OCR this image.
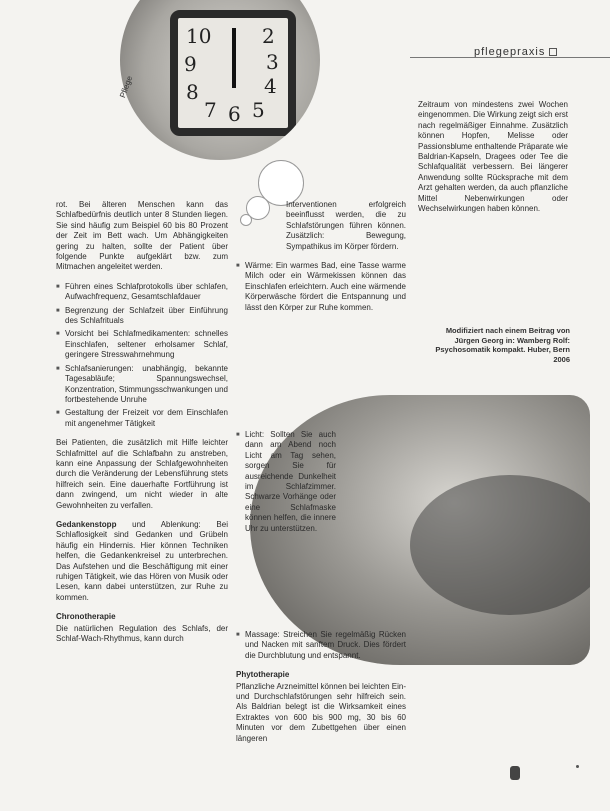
pflegepraxis
10
9
8
7 6 5
4
3
2
Pflege

rot. Bei älteren Menschen kann das Schlafbedürfnis deutlich unter 8 Stunden liegen. Sie sind häufig zum Beispiel 60 bis 80 Prozent der Zeit im Bett wach. Um Abhängigkeiten gering zu halten, sollte der Patient über folgende Punkte aufgeklärt bzw. zum Mitmachen angeleitet werden.

■ Führen eines Schlafprotokolls über schlafen, Aufwachfrequenz, Gesamtschlafdauer
■ Begrenzung der Schlafzeit über Einführung des Schlafrituals
■ Vorsicht bei Schlafmedikamenten: schnelles Einschlafen, seltener erholsamer Schlaf, geringere Stresswahrnehmung
■ Schlafsanierungen: unabhängig, bekannte Tagesabläufe; Spannungswechsel, Konzentration, Stimmungsschwankungen und fortbestehende Unruhe
■ Gestaltung der Freizeit vor dem Einschlafen mit angenehmer Tätigkeit

Bei Patienten, die zusätzlich mit Hilfe leichter Schlafmittel auf die Schlafbahn zu anstreben, kann eine Anpassung der Schlafgewohnheiten durch die Veränderung der Lebensführung stets hilfreich sein. Eine dauerhafte Fortführung ist dann zwingend, um nicht wieder in alte Gewohnheiten zu verfallen.

Gedankenstopp und Ablenkung: Bei Schlaflosigkeit sind Gedanken und Grübeln häufig ein Hindernis. Hier können Techniken helfen, die Gedankenkreisel zu unterbrechen. Das Aufstehen und die Beschäftigung mit einer ruhigen Tätigkeit, wie das Hören von Musik oder Lesen, kann dabei unterstützen, zur Ruhe zu kommen.

Chronotherapie

Die natürlichen Regulation des Schlafs, der Schlaf-Wach-Rhythmus, kann durch

Interventionen erfolgreich beeinflusst werden, die zu Schlafstörungen führen können. Zusätzlich: Bewegung, Sympathikus im Körper fördern.

■ Wärme: Ein warmes Bad, eine Tasse warme Milch oder ein Wärmekissen können das Einschlafen erleichtern. Auch eine wärmende Körperwäsche fördert die Entspannung und lässt den Körper zur Ruhe kommen.
■ Licht: Sollten Sie auch dann am Abend noch Licht am Tag sehen, sorgen Sie für ausreichende Dunkelheit im Schlafzimmer. Schwarze Vorhänge oder eine Schlafmaske können helfen, die innere Uhr zu unterstützen.
■ Massage: Streichen Sie regelmäßig Rücken und Nacken mit sanftem Druck. Dies fördert die Durchblutung und entspannt.
Phytotherapie

Pflanzliche Arzneimittel können bei leichten Ein- und Durchschlafstörungen sehr hilfreich sein. Als Baldrian belegt ist die Wirksamkeit eines Extraktes von 600 bis 900 mg, 30 bis 60 Minuten vor dem Zubettgehen über einen längeren

Zeitraum von mindestens zwei Wochen eingenommen. Die Wirkung zeigt sich erst nach regelmäßiger Einnahme. Zusätzlich können Hopfen, Melisse oder Passionsblume enthaltende Präparate wie Baldrian-Kapseln, Dragees oder Tee die Schlafqualität verbessern. Bei längerer Anwendung sollte Rücksprache mit dem Arzt gehalten werden, da auch pflanzliche Mittel Nebenwirkungen oder Wechselwirkungen haben können.

Modifiziert nach einem Beitrag von Jürgen Georg in: Wamberg Rolf: Psychosomatik kompakt. Huber, Bern 2006
